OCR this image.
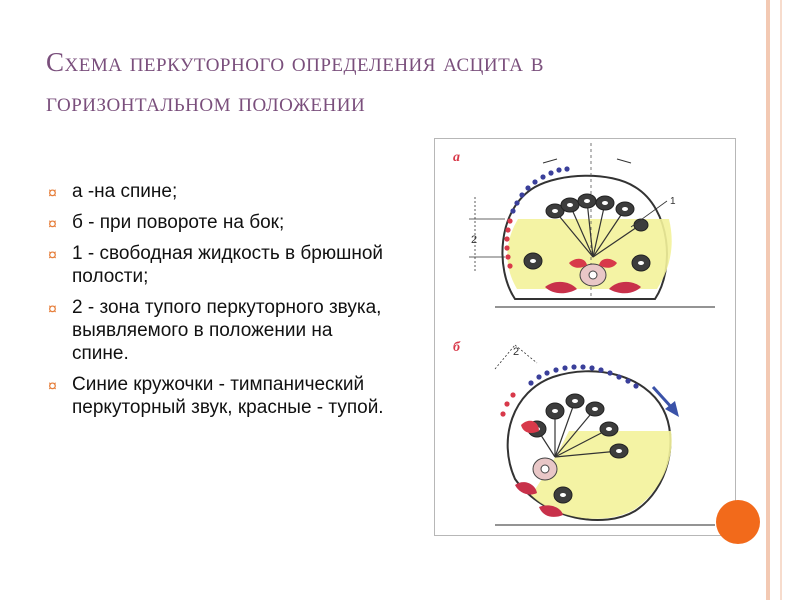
Схема перкуторного определения асцита в
горизонтальном положении
¤ а -на спине;
¤ б - при повороте на бок;
¤ 1 - свободная жидкость в брюшной полости;
¤ 2 - зона тупого перкуторного звука, выявляемого в положении на спине.
¤ Синие кружочки - тимпанический перкуторный звук, красные - тупой.
а
2
1
б	2
